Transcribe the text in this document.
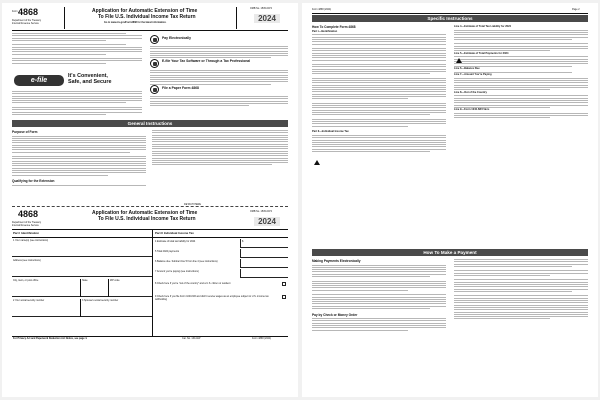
Form 4868
Department of the Treasury
Internal Revenue Service
Application for Automatic Extension of Time
To File U.S. Individual Income Tax Return
Go to www.irs.gov/Form4868 for the latest information.
OMB No. 1545-0074
2024
e-file
It's Convenient,
Safe, and Secure
Pay Electronically
E-file Your Tax Software or Through a Tax Professional
File a Paper Form 4868
General Instructions
Purpose of Form
Qualifying for the Extension
DETACH HERE
4868
Department of the Treasury
Internal Revenue Service
Application for Automatic Extension of Time
To File U.S. Individual Income Tax Return
OMB No. 1545-0074
2024
Part I Identification	Part II Individual Income Tax
1 Your name(s) (see instructions)
Address (see instructions)
City, town, or post office	State	ZIP code
2 Your social security number	3 Spouse's social security number
4 Estimate of total tax liability for 2024	$
5 Total 2024 payments
6 Balance due. Subtract line 5 from line 4 (see instructions)
7 Amount you're paying (see instructions)
8 Check here if you're "out of the country" and a U.S. citizen or resident
9 Check here if you file Form 1040-NR and didn't receive wages as an employee subject to U.S. income tax withholding
For Privacy Act and Paperwork Reduction Act Notice, see page 4.	Cat. No. 13141W	Form 4868 (2024)
Form 4868 (2024)	Page 2
Specific Instructions
How To Complete Form 4868
Part I—Identification
Part II—Individual Income Tax
Line 4—Estimate of Total Tax Liability for 2024
Line 5—Estimate of Total Payments for 2024
Line 6—Balance Due
Line 7—Amount You're Paying
Line 8—Out of the Country
Line 9—Form 1040-NR Filers
How To Make a Payment
Making Payments Electronically
Pay by Check or Money Order
